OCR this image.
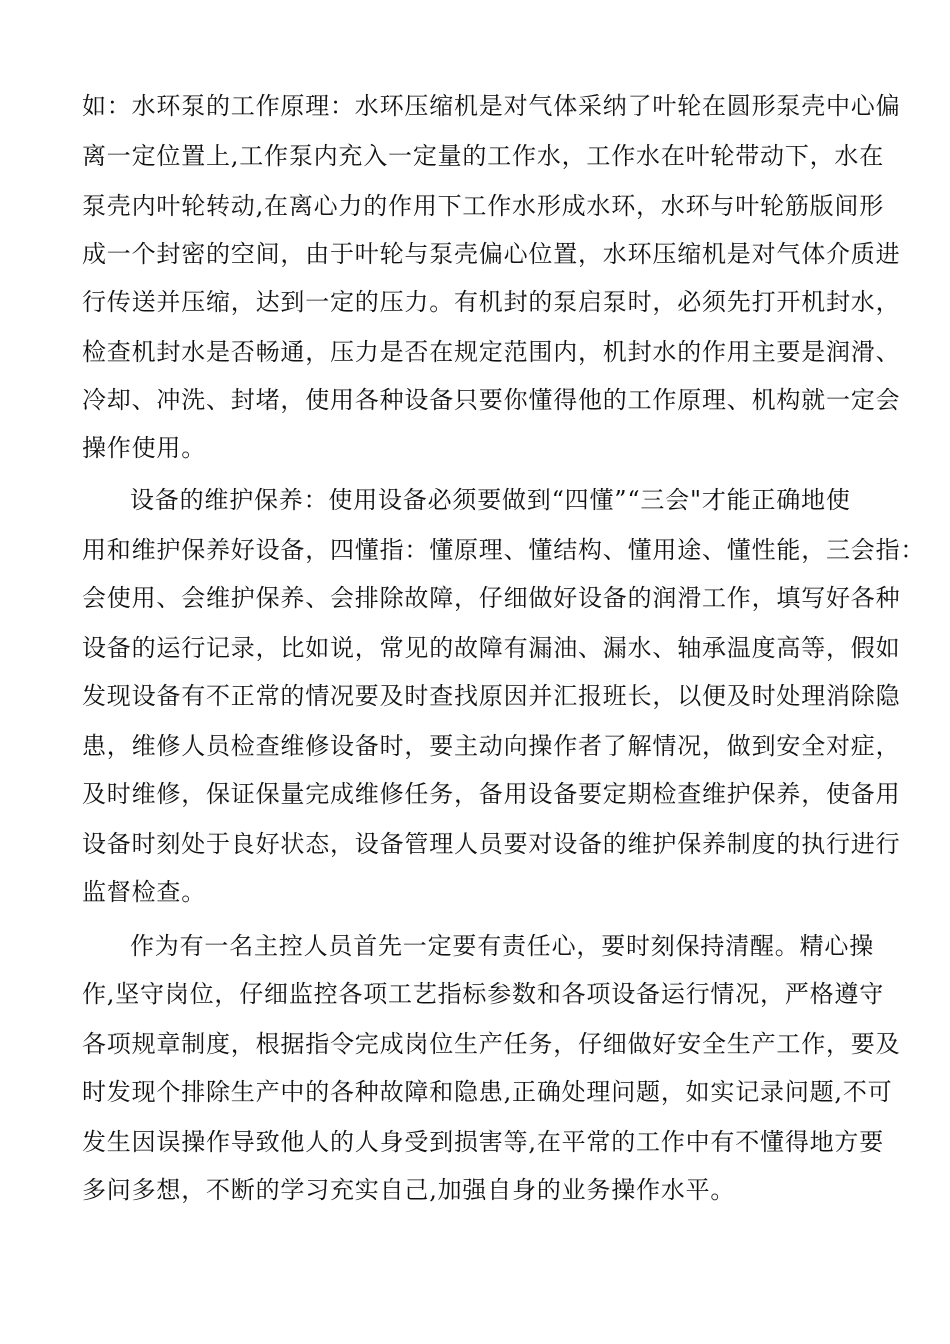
如：水环泵的工作原理：水环压缩机是对气体采纳了叶轮在圆形泵壳中心偏
离一定位置上,工作泵内充入一定量的工作水，工作水在叶轮带动下，水在
泵壳内叶轮转动,在离心力的作用下工作水形成水环，水环与叶轮筋版间形
成一个封密的空间，由于叶轮与泵壳偏心位置，水环压缩机是对气体介质进
行传送并压缩，达到一定的压力。有机封的泵启泵时，必须先打开机封水，
检查机封水是否畅通，压力是否在规定范围内，机封水的作用主要是润滑、
冷却、冲洗、封堵，使用各种设备只要你懂得他的工作原理、机构就一定会
操作使用。
设备的维护保养：使用设备必须要做到“四懂”“三会"才能正确地使
用和维护保养好设备，四懂指：懂原理、懂结构、懂用途、懂性能，三会指：
会使用、会维护保养、会排除故障，仔细做好设备的润滑工作，填写好各种
设备的运行记录，比如说，常见的故障有漏油、漏水、轴承温度高等，假如
发现设备有不正常的情况要及时查找原因并汇报班长，以便及时处理消除隐
患，维修人员检查维修设备时，要主动向操作者了解情况，做到安全对症，
及时维修，保证保量完成维修任务，备用设备要定期检查维护保养，使备用
设备时刻处于良好状态，设备管理人员要对设备的维护保养制度的执行进行
监督检查。
作为有一名主控人员首先一定要有责任心，要时刻保持清醒。精心操
作,坚守岗位，仔细监控各项工艺指标参数和各项设备运行情况，严格遵守
各项规章制度，根据指令完成岗位生产任务，仔细做好安全生产工作，要及
时发现个排除生产中的各种故障和隐患,正确处理问题，如实记录问题,不可
发生因误操作导致他人的人身受到损害等,在平常的工作中有不懂得地方要
多问多想，不断的学习充实自己,加强自身的业务操作水平。
